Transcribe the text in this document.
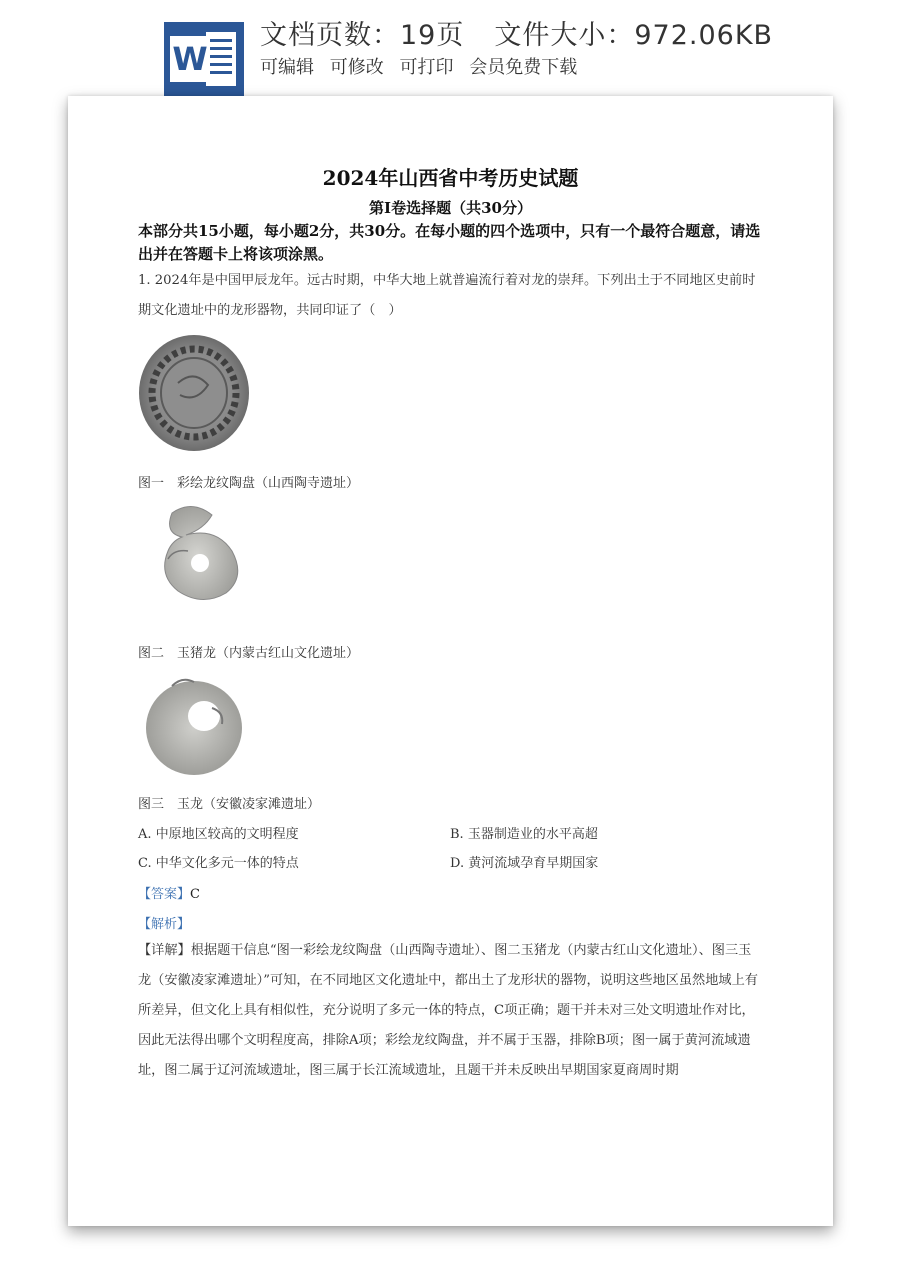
W
文档页数：19页 文件大小：972.06KB
可编辑 可修改 可打印 会员免费下载
2024年山西省中考历史试题
第I卷选择题（共30分）
本部分共15小题，每小题2分，共30分。在每小题的四个选项中，只有一个最符合题意，请选出并在答题卡上将该项涂黑。
1. 2024年是中国甲辰龙年。远古时期，中华大地上就普遍流行着对龙的崇拜。下列出土于不同地区史前时期文化遗址中的龙形器物，共同印证了（　）
图一　彩绘龙纹陶盘（山西陶寺遗址）
图二　玉猪龙（内蒙古红山文化遗址）
图三　玉龙（安徽凌家滩遗址）
A. 中原地区较高的文明程度	B. 玉器制造业的水平高超
C. 中华文化多元一体的特点	D. 黄河流域孕育早期国家
【答案】C
【解析】
【详解】根据题干信息“图一彩绘龙纹陶盘（山西陶寺遗址）、图二玉猪龙（内蒙古红山文化遗址）、图三玉龙（安徽凌家滩遗址）”可知，在不同地区文化遗址中，都出土了龙形状的器物，说明这些地区虽然地域上有所差异，但文化上具有相似性，充分说明了多元一体的特点，C项正确；题干并未对三处文明遗址作对比，因此无法得出哪个文明程度高，排除A项；彩绘龙纹陶盘，并不属于玉器，排除B项；图一属于黄河流域遗址，图二属于辽河流域遗址，图三属于长江流域遗址，且题干并未反映出早期国家夏商周时期
